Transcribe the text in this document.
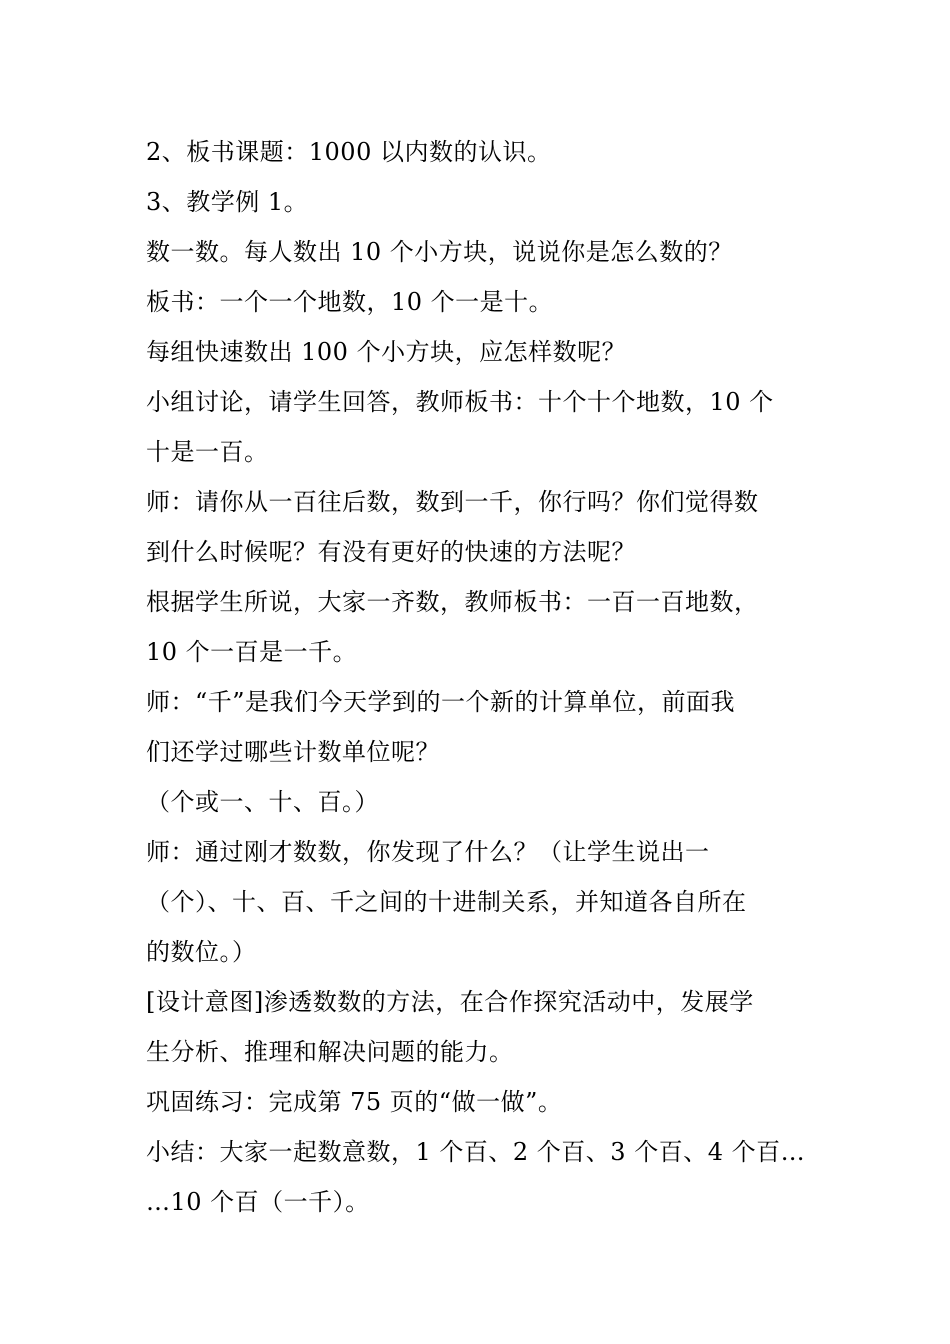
2、板书课题：1000 以内数的认识。

3、教学例 1。

数一数。每人数出 10 个小方块，说说你是怎么数的？

板书：一个一个地数，10 个一是十。

每组快速数出 100 个小方块，应怎样数呢？

小组讨论，请学生回答，教师板书：十个十个地数，10 个

十是一百。

师：请你从一百往后数，数到一千，你行吗？你们觉得数

到什么时候呢？有没有更好的快速的方法呢？

根据学生所说，大家一齐数，教师板书：一百一百地数，

10 个一百是一千。

师：“千”是我们今天学到的一个新的计算单位，前面我

们还学过哪些计数单位呢？

（个或一、十、百。）

师：通过刚才数数，你发现了什么？（让学生说出一

（个）、十、百、千之间的十进制关系，并知道各自所在

的数位。）

[设计意图]渗透数数的方法，在合作探究活动中，发展学

生分析、推理和解决问题的能力。

巩固练习：完成第 75 页的“做一做”。

小结：大家一起数意数，1 个百、2 个百、3 个百、4 个百…

…10 个百（一千）。
